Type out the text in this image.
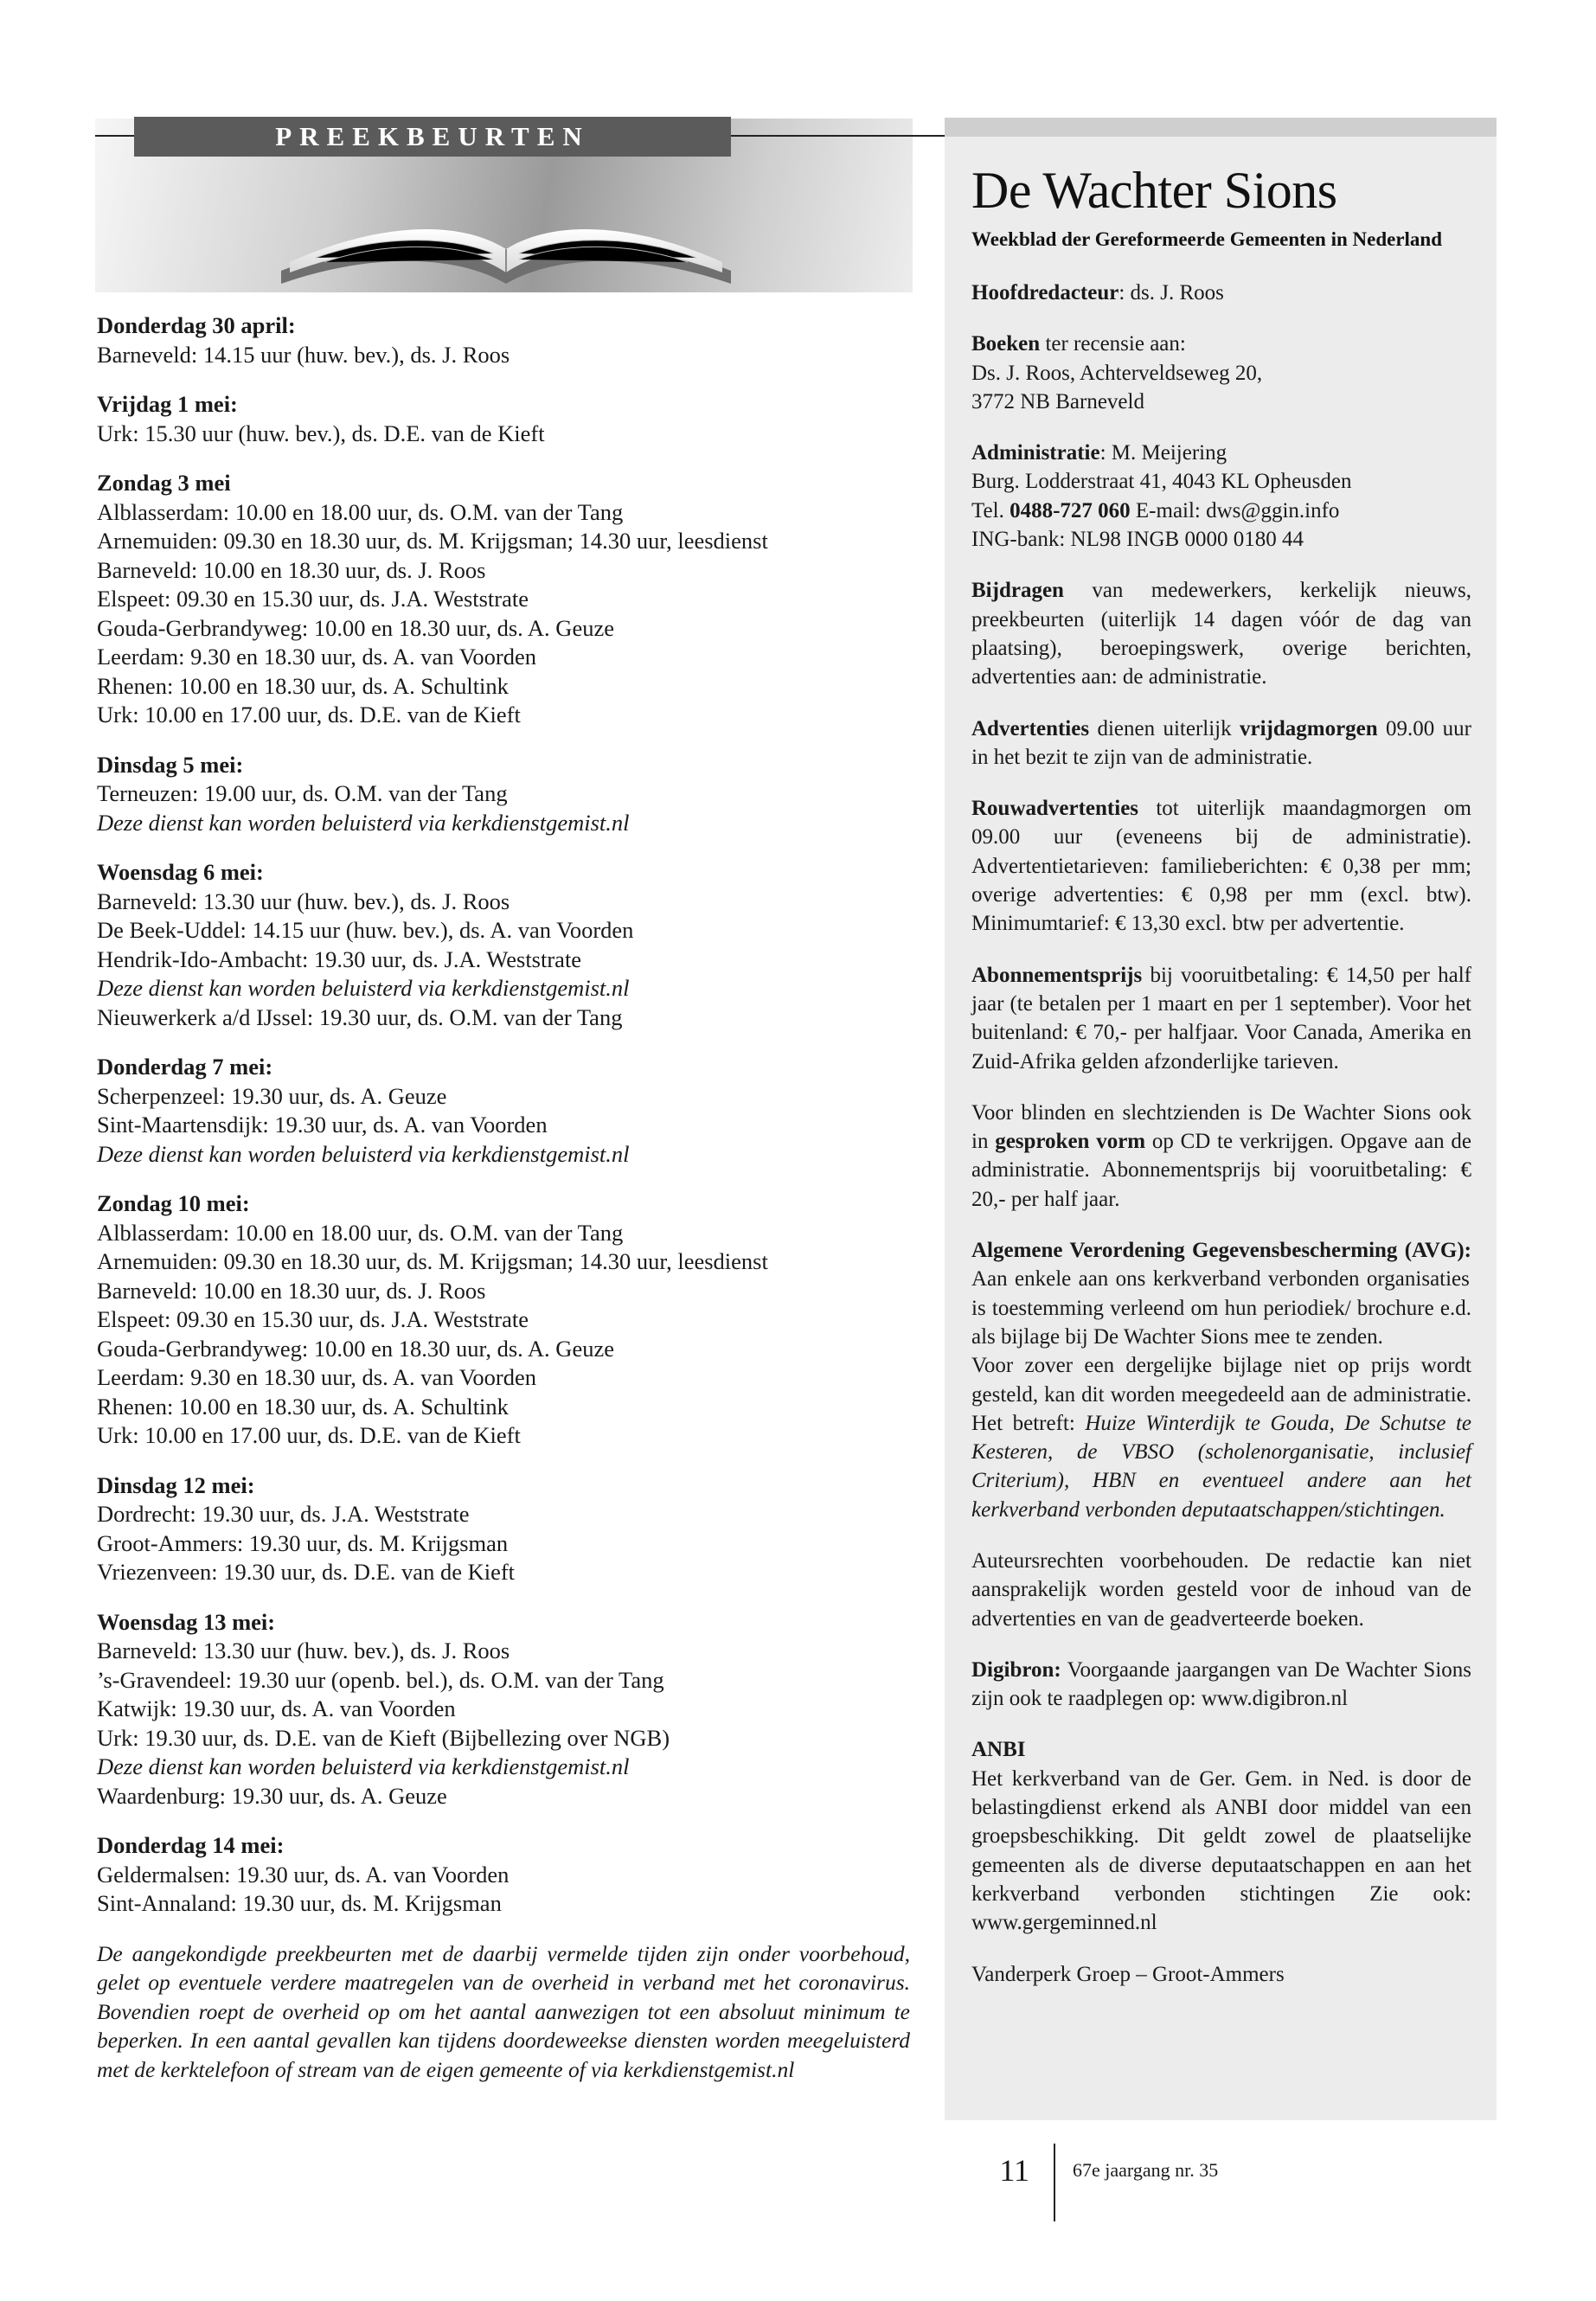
PREEKBEURTEN
Donderdag 30 april:
Barneveld: 14.15 uur (huw. bev.), ds. J. Roos
Vrijdag 1 mei:
Urk: 15.30 uur (huw. bev.), ds. D.E. van de Kieft
Zondag 3 mei
Alblasserdam: 10.00 en 18.00 uur, ds. O.M. van der Tang
Arnemuiden: 09.30 en 18.30 uur, ds. M. Krijgsman; 14.30 uur, leesdienst
Barneveld: 10.00 en 18.30 uur, ds. J. Roos
Elspeet: 09.30 en 15.30 uur, ds. J.A. Weststrate
Gouda-Gerbrandyweg: 10.00 en 18.30 uur, ds. A. Geuze
Leerdam: 9.30 en 18.30 uur, ds. A. van Voorden
Rhenen: 10.00 en 18.30 uur, ds. A. Schultink
Urk: 10.00 en 17.00 uur, ds. D.E. van de Kieft
Dinsdag 5 mei:
Terneuzen: 19.00 uur, ds. O.M. van der Tang
Deze dienst kan worden beluisterd via kerkdienstgemist.nl
Woensdag 6 mei:
Barneveld: 13.30 uur (huw. bev.), ds. J. Roos
De Beek-Uddel: 14.15 uur (huw. bev.), ds. A. van Voorden
Hendrik-Ido-Ambacht: 19.30 uur, ds. J.A. Weststrate
Deze dienst kan worden beluisterd via kerkdienstgemist.nl
Nieuwerkerk a/d IJssel: 19.30 uur, ds. O.M. van der Tang
Donderdag 7 mei:
Scherpenzeel: 19.30 uur, ds. A. Geuze
Sint-Maartensdijk: 19.30 uur, ds. A. van Voorden
Deze dienst kan worden beluisterd via kerkdienstgemist.nl
Zondag 10 mei:
Alblasserdam: 10.00 en 18.00 uur, ds. O.M. van der Tang
Arnemuiden: 09.30 en 18.30 uur, ds. M. Krijgsman; 14.30 uur, leesdienst
Barneveld: 10.00 en 18.30 uur, ds. J. Roos
Elspeet: 09.30 en 15.30 uur, ds. J.A. Weststrate
Gouda-Gerbrandyweg: 10.00 en 18.30 uur, ds. A. Geuze
Leerdam: 9.30 en 18.30 uur, ds. A. van Voorden
Rhenen: 10.00 en 18.30 uur, ds. A. Schultink
Urk: 10.00 en 17.00 uur, ds. D.E. van de Kieft
Dinsdag 12 mei:
Dordrecht: 19.30 uur, ds. J.A. Weststrate
Groot-Ammers: 19.30 uur, ds. M. Krijgsman
Vriezenveen: 19.30 uur, ds. D.E. van de Kieft
Woensdag 13 mei:
Barneveld: 13.30 uur (huw. bev.), ds. J. Roos
’s-Gravendeel: 19.30 uur (openb. bel.), ds. O.M. van der Tang
Katwijk: 19.30 uur, ds. A. van Voorden
Urk: 19.30 uur, ds. D.E. van de Kieft (Bijbellezing over NGB)
Deze dienst kan worden beluisterd via kerkdienstgemist.nl
Waardenburg: 19.30 uur, ds. A. Geuze
Donderdag 14 mei:
Geldermalsen: 19.30 uur, ds. A. van Voorden
Sint-Annaland: 19.30 uur, ds. M. Krijgsman
De aangekondigde preekbeurten met de daarbij vermelde tijden zijn onder voorbehoud, gelet op eventuele verdere maatregelen van de overheid in verband met het coronavirus. Bovendien roept de overheid op om het aantal aanwezigen tot een absoluut minimum te beperken. In een aantal gevallen kan tijdens doordeweekse diensten worden meegeluisterd met de kerktelefoon of stream van de eigen gemeente of via kerkdienstgemist.nl
De Wachter Sions
Weekblad der Gereformeerde Gemeenten in Nederland
Hoofdredacteur: ds. J. Roos
Boeken ter recensie aan:
Ds. J. Roos, Achterveldseweg 20,
3772 NB Barneveld
Administratie: M. Meijering
Burg. Lodderstraat 41, 4043 KL Opheusden
Tel. 0488-727 060 E-mail: dws@ggin.info
ING-bank: NL98 INGB 0000 0180 44
Bijdragen van medewerkers, kerkelijk nieuws, preekbeurten (uiterlijk 14 dagen vóór de dag van plaatsing), beroepingswerk, overige berichten, advertenties aan: de administratie.
Advertenties dienen uiterlijk vrijdagmorgen 09.00 uur in het bezit te zijn van de administratie.
Rouwadvertenties tot uiterlijk maandagmorgen om 09.00 uur (eveneens bij de administratie). Advertentietarieven: familieberichten: € 0,38 per mm; overige advertenties: € 0,98 per mm (excl. btw). Minimumtarief: € 13,30 excl. btw per advertentie.
Abonnementsprijs bij vooruitbetaling: € 14,50 per half jaar (te betalen per 1 maart en per 1 september). Voor het buitenland: € 70,- per halfjaar. Voor Canada, Amerika en Zuid-Afrika gelden afzonderlijke tarieven.
Voor blinden en slechtzienden is De Wachter Sions ook in gesproken vorm op CD te verkrijgen. Opgave aan de administratie. Abonnementsprijs bij vooruitbetaling: € 20,- per half jaar.
Algemene Verordening Gegevensbescherming (AVG): Aan enkele aan ons kerkverband verbonden organisaties is toestemming verleend om hun periodiek/ brochure e.d. als bijlage bij De Wachter Sions mee te zenden.
Voor zover een dergelijke bijlage niet op prijs wordt gesteld, kan dit worden meegedeeld aan de administratie. Het betreft: Huize Winterdijk te Gouda, De Schutse te Kesteren, de VBSO (scholenorganisatie, inclusief Criterium), HBN en eventueel andere aan het kerkverband verbonden deputaatschappen/stichtingen.
Auteursrechten voorbehouden. De redactie kan niet aansprakelijk worden gesteld voor de inhoud van de advertenties en van de geadverteerde boeken.
Digibron: Voorgaande jaargangen van De Wachter Sions zijn ook te raadplegen op: www.digibron.nl
ANBI
Het kerkverband van de Ger. Gem. in Ned. is door de belastingdienst erkend als ANBI door middel van een groepsbeschikking. Dit geldt zowel de plaatselijke gemeenten als de diverse deputaatschappen en aan het kerkverband verbonden stichtingen Zie ook: www.gergeminned.nl
Vanderperk Groep – Groot-Ammers
11 67e jaargang nr. 35
